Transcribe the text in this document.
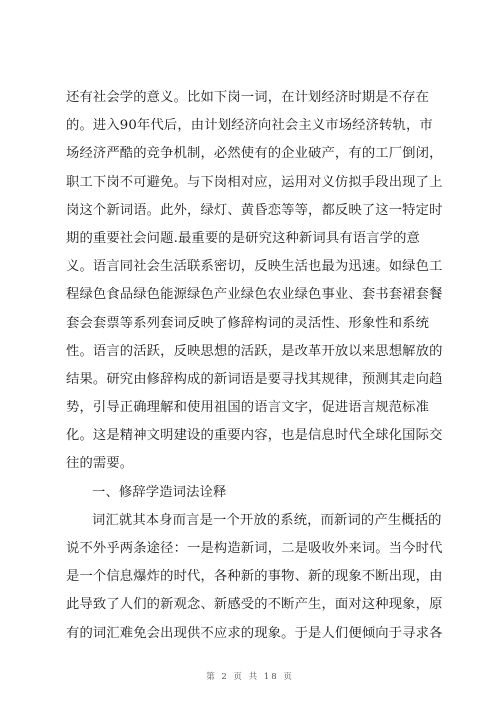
还有社会学的意义。比如下岗一词，在计划经济时期是不存在
的。进入90年代后，由计划经济向社会主义市场经济转轨，市
场经济严酷的竞争机制，必然使有的企业破产，有的工厂倒闭，
职工下岗不可避免。与下岗相对应，运用对义仿拟手段出现了上
岗这个新词语。此外，绿灯、黄昏恋等等，都反映了这一特定时
期的重要社会问题.最重要的是研究这种新词具有语言学的意
义。语言同社会生活联系密切，反映生活也最为迅速。如绿色工
程绿色食品绿色能源绿色产业绿色农业绿色事业、套书套裙套餐
套会套票等系列套词反映了修辞构词的灵活性、形象性和系统
性。语言的活跃，反映思想的活跃，是改革开放以来思想解放的
结果。研究由修辞构成的新词语是要寻找其规律，预测其走向趋
势，引导正确理解和使用祖国的语言文字，促进语言规范标准
化。这是精神文明建设的重要内容，也是信息时代全球化国际交
往的需要。
一、修辞学造词法诠释
词汇就其本身而言是一个开放的系统，而新词的产生概括的
说不外乎两条途径：一是构造新词，二是吸收外来词。当今时代
是一个信息爆炸的时代，各种新的事物、新的现象不断出现，由
此导致了人们的新观念、新感受的不断产生，面对这种现象，原
有的词汇难免会出现供不应求的现象。于是人们便倾向于寻求各
第 2 页 共 18 页
